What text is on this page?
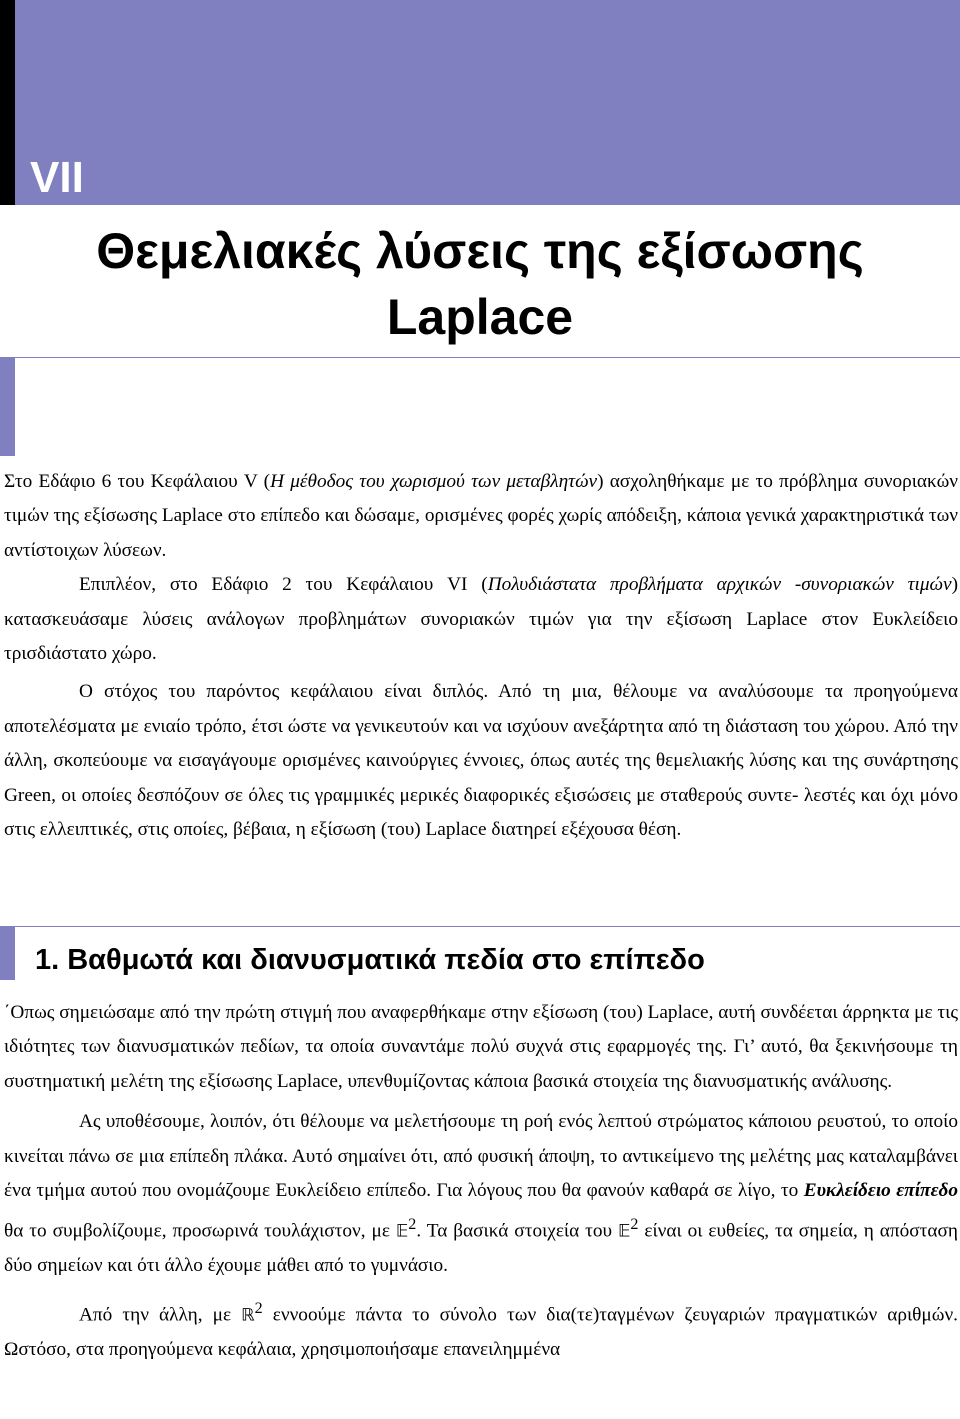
VII
Θεμελιακές λύσεις της εξίσωσης
Laplace

Στο Εδάφιο 6 του Κεφάλαιου V (Η μέθοδος του χωρισμού των μεταβλητών) ασχοληθήκαμε με το πρόβλημα συνοριακών τιμών της εξίσωσης Laplace στο επίπεδο και δώσαμε, ορισμένες φορές χωρίς απόδειξη, κάποια γενικά χαρακτηριστικά των αντίστοιχων λύσεων.

Επιπλέον, στο Εδάφιο 2 του Κεφάλαιου VI (Πολυδιάστατα προβλήματα αρχικών -συνοριακών τιμών) κατασκευάσαμε λύσεις ανάλογων προβλημάτων συνοριακών τιμών για την εξίσωση Laplace στον Ευκλείδειο τρισδιάστατο χώρο.

Ο στόχος του παρόντος κεφάλαιου είναι διπλός. Από τη μια, θέλουμε να αναλύσουμε τα προηγούμενα αποτελέσματα με ενιαίο τρόπο, έτσι ώστε να γενικευτούν και να ισχύουν ανεξάρτητα από τη διάσταση του χώρου. Από την άλλη, σκοπεύουμε να εισαγάγουμε ορισμένες καινούργιες έννοιες, όπως αυτές της θεμελιακής λύσης και της συνάρτησης Green, οι οποίες δεσπόζουν σε όλες τις γραμμικές μερικές διαφορικές εξισώσεις με σταθερούς συντε- λεστές και όχι μόνο στις ελλειπτικές, στις οποίες, βέβαια, η εξίσωση (του) Laplace διατηρεί εξέχουσα θέση.

1. Βαθμωτά και διανυσματικά πεδία στο επίπεδο

΄Οπως σημειώσαμε από την πρώτη στιγμή που αναφερθήκαμε στην εξίσωση (του) Laplace, αυτή συνδέεται άρρηκτα με τις ιδιότητες των διανυσματικών πεδίων, τα οποία συναντάμε πολύ συχνά στις εφαρμογές της. Γι’ αυτό, θα ξεκινήσουμε τη συστηματική μελέτη της εξίσωσης Laplace, υπενθυμίζοντας κάποια βασικά στοιχεία της διανυσματικής ανάλυσης.

Ας υποθέσουμε, λοιπόν, ότι θέλουμε να μελετήσουμε τη ροή ενός λεπτού στρώματος κάποιου ρευστού, το οποίο κινείται πάνω σε μια επίπεδη πλάκα. Αυτό σημαίνει ότι, από φυσική άποψη, το αντικείμενο της μελέτης μας καταλαμβάνει ένα τμήμα αυτού που ονομάζουμε Ευκλείδειο επίπεδο. Για λόγους που θα φανούν καθαρά σε λίγο, το Ευκλείδειο επίπεδο θα το συμβολίζουμε, προσωρινά τουλάχιστον, με 𝔼$^2$. Τα βασικά στοιχεία του 𝔼$^2$ είναι οι ευθείες, τα σημεία, η απόσταση δύο σημείων και ότι άλλο έχουμε μάθει από το γυμνάσιο.

Από την άλλη, με ℝ$^2$ εννοούμε πάντα το σύνολο των δια(τε)ταγμένων ζευγαριών πραγματικών αριθμών. Ωστόσο, στα προηγούμενα κεφάλαια, χρησιμοποιήσαμε επανειλημμένα
